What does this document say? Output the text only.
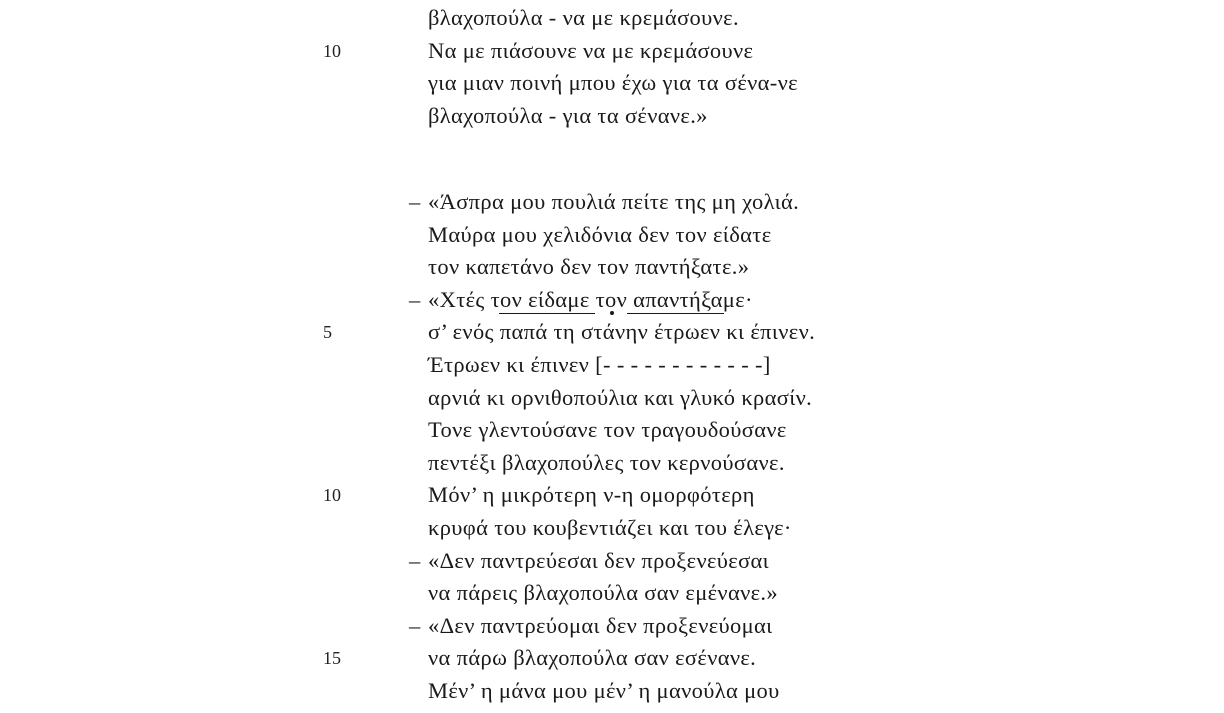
βλαχοπούλα - να με κρεμάσουνε.
10	Να με πιάσουνε να με κρεμάσουνε
για μιαν ποινή μπου έχω για τα σένα-νε
βλαχοπούλα - για τα σένανε.»
– «Άσπρα μου πουλιά πείτε της μη χολιά.
Μαύρα μου χελιδόνια δεν τον είδατε
τον καπετάνο δεν τον παντήξατε.»
– «Χτές τον είδαμε τον απαντήξαμε·
5	σ’ ενός παπά τη στάνην έτρωεν κι έπινεν.
Έτρωεν κι έπινεν [- - - - - - - - - - - -]
αρνιά κι ορνιθοπούλια και γλυκό κρασίν.
Τονε γλεντούσανε τον τραγουδούσανε
πεντέξι βλαχοπούλες τον κερνούσανε.
10	Μόν’ η μικρότερη ν-η ομορφότερη
κρυφά του κουβεντιάζει και του έλεγε·
– «Δεν παντρεύεσαι δεν προξενεύεσαι
να πάρεις βλαχοπούλα σαν εμένανε.»
– «Δεν παντρεύομαι δεν προξενεύομαι
15	να πάρω βλαχοπούλα σαν εσένανε.
Μέν’ η μάνα μου μέν’ η μανούλα μου
